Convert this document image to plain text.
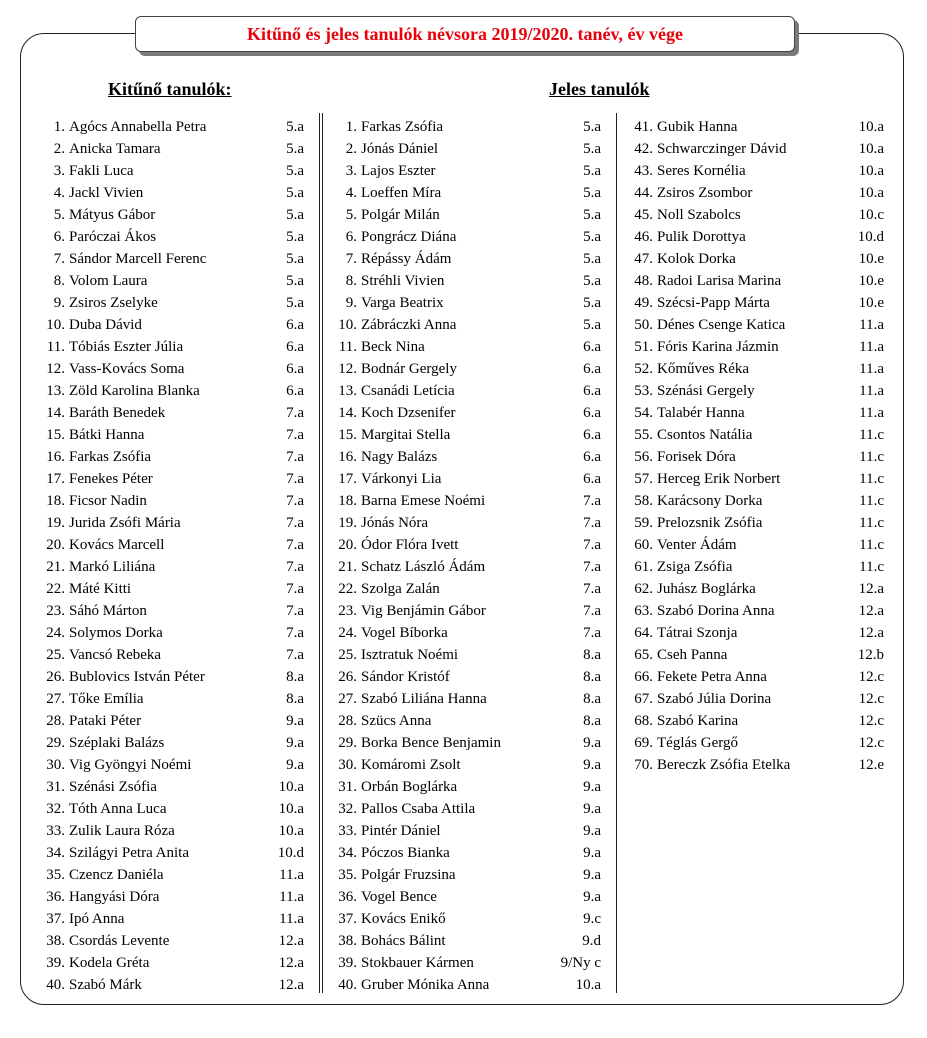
Kitűnő és jeles tanulók névsora 2019/2020. tanév, év vége
Kitűnő tanulók:	Jeles tanulók
1. Agócs Annabella Petra	5.a
2. Anicka Tamara	5.a
3. Fakli Luca	5.a
4. Jackl Vivien	5.a
5. Mátyus Gábor	5.a
6. Paróczai Ákos	5.a
7. Sándor Marcell Ferenc	5.a
8. Volom Laura	5.a
9. Zsiros Zselyke	5.a
10. Duba Dávid	6.a
11. Tóbiás Eszter Júlia	6.a
12. Vass-Kovács Soma	6.a
13. Zöld Karolina Blanka	6.a
14. Baráth Benedek	7.a
15. Bátki Hanna	7.a
16. Farkas Zsófia	7.a
17. Fenekes Péter	7.a
18. Ficsor Nadin	7.a
19. Jurida Zsófi Mária	7.a
20. Kovács Marcell	7.a
21. Markó Liliána	7.a
22. Máté Kitti	7.a
23. Sáhó Márton	7.a
24. Solymos Dorka	7.a
25. Vancsó Rebeka	7.a
26. Bublovics István Péter	8.a
27. Tőke Emília	8.a
28. Pataki Péter	9.a
29. Széplaki Balázs	9.a
30. Vig Gyöngyi Noémi	9.a
31. Szénási Zsófia	10.a
32. Tóth Anna Luca	10.a
33. Zulik Laura Róza	10.a
34. Szilágyi Petra Anita	10.d
35. Czencz Daniéla	11.a
36. Hangyási Dóra	11.a
37. Ipó Anna	11.a
38. Csordás Levente	12.a
39. Kodela Gréta	12.a
40. Szabó Márk	12.a
1. Farkas Zsófia	5.a
2. Jónás Dániel	5.a
3. Lajos Eszter	5.a
4. Loeffen Míra	5.a
5. Polgár Milán	5.a
6. Pongrácz Diána	5.a
7. Répássy Ádám	5.a
8. Stréhli Vivien	5.a
9. Varga Beatrix	5.a
10. Zábráczki Anna	5.a
11. Beck Nina	6.a
12. Bodnár Gergely	6.a
13. Csanádi Letícia	6.a
14. Koch Dzsenifer	6.a
15. Margitai Stella	6.a
16. Nagy Balázs	6.a
17. Várkonyi Lia	6.a
18. Barna Emese Noémi	7.a
19. Jónás Nóra	7.a
20. Ódor Flóra Ivett	7.a
21. Schatz László Ádám	7.a
22. Szolga Zalán	7.a
23. Vig Benjámin Gábor	7.a
24. Vogel Bíborka	7.a
25. Isztratuk Noémi	8.a
26. Sándor Kristóf	8.a
27. Szabó Liliána Hanna	8.a
28. Szücs Anna	8.a
29. Borka Bence Benjamin	9.a
30. Komáromi Zsolt	9.a
31. Orbán Boglárka	9.a
32. Pallos Csaba Attila	9.a
33. Pintér Dániel	9.a
34. Póczos Bianka	9.a
35. Polgár Fruzsina	9.a
36. Vogel Bence	9.a
37. Kovács Enikő	9.c
38. Bohács Bálint	9.d
39. Stokbauer Kármen	9/Ny c
40. Gruber Mónika Anna	10.a
41. Gubik Hanna	10.a
42. Schwarczinger Dávid	10.a
43. Seres Kornélia	10.a
44. Zsiros Zsombor	10.a
45. Noll Szabolcs	10.c
46. Pulik Dorottya	10.d
47. Kolok Dorka	10.e
48. Radoi Larisa Marina	10.e
49. Szécsi-Papp Márta	10.e
50. Dénes Csenge Katica	11.a
51. Fóris Karina Jázmin	11.a
52. Kőműves Réka	11.a
53. Szénási Gergely	11.a
54. Talabér Hanna	11.a
55. Csontos Natália	11.c
56. Forisek Dóra	11.c
57. Herceg Erik Norbert	11.c
58. Karácsony Dorka	11.c
59. Prelozsnik Zsófia	11.c
60. Venter Ádám	11.c
61. Zsiga Zsófia	11.c
62. Juhász Boglárka	12.a
63. Szabó Dorina Anna	12.a
64. Tátrai Szonja	12.a
65. Cseh Panna	12.b
66. Fekete Petra Anna	12.c
67. Szabó Júlia Dorina	12.c
68. Szabó Karina	12.c
69. Téglás Gergő	12.c
70. Bereczk Zsófia Etelka	12.e
